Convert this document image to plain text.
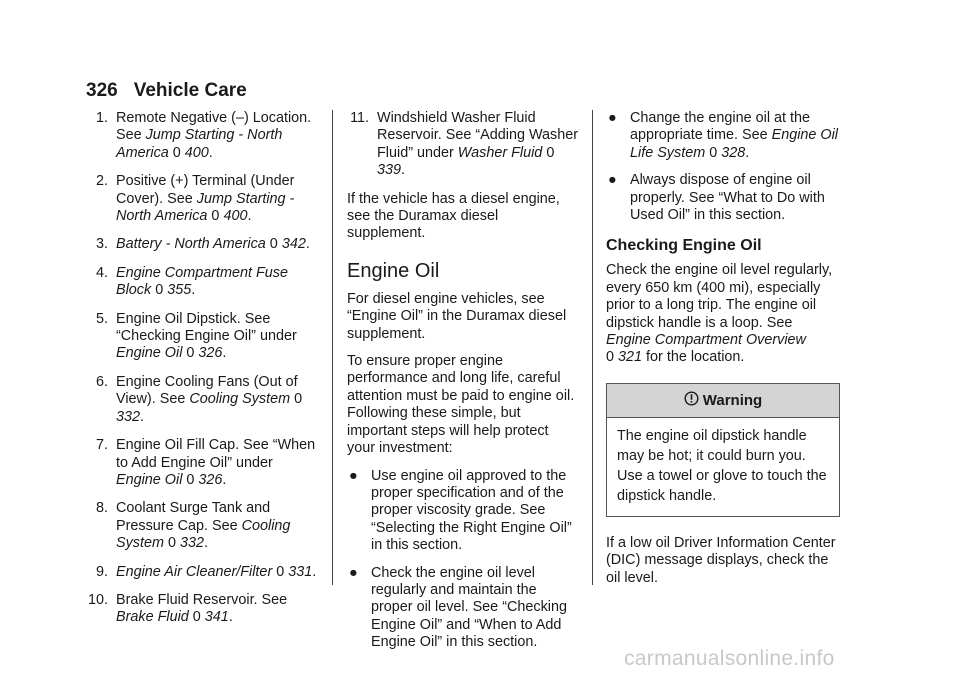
326 Vehicle Care
1. Remote Negative (–) Location. See Jump Starting - North America 0 400.
2. Positive (+) Terminal (Under Cover). See Jump Starting - North America 0 400.
3. Battery - North America 0 342.
4. Engine Compartment Fuse Block 0 355.
5. Engine Oil Dipstick. See “Checking Engine Oil” under Engine Oil 0 326.
6. Engine Cooling Fans (Out of View). See Cooling System 0 332.
7. Engine Oil Fill Cap. See “When to Add Engine Oil” under Engine Oil 0 326.
8. Coolant Surge Tank and Pressure Cap. See Cooling System 0 332.
9. Engine Air Cleaner/Filter 0 331.
10. Brake Fluid Reservoir. See Brake Fluid 0 341.
11. Windshield Washer Fluid Reservoir. See “Adding Washer Fluid” under Washer Fluid 0 339.

If the vehicle has a diesel engine, see the Duramax diesel supplement.

Engine Oil

For diesel engine vehicles, see “Engine Oil” in the Duramax diesel supplement.

To ensure proper engine performance and long life, careful attention must be paid to engine oil. Following these simple, but important steps will help protect your investment:

● Use engine oil approved to the proper specification and of the proper viscosity grade. See “Selecting the Right Engine Oil” in this section.
● Check the engine oil level regularly and maintain the proper oil level. See “Checking Engine Oil” and “When to Add Engine Oil” in this section.
● Change the engine oil at the appropriate time. See Engine Oil Life System 0 328.
● Always dispose of engine oil properly. See “What to Do with Used Oil” in this section.
Checking Engine Oil

Check the engine oil level regularly, every 650 km (400 mi), especially prior to a long trip. The engine oil dipstick handle is a loop. See Engine Compartment Overview
0 321 for the location.

Warning
The engine oil dipstick handle may be hot; it could burn you. Use a towel or glove to touch the dipstick handle.

If a low oil Driver Information Center (DIC) message displays, check the oil level.

carmanualsonline.info
